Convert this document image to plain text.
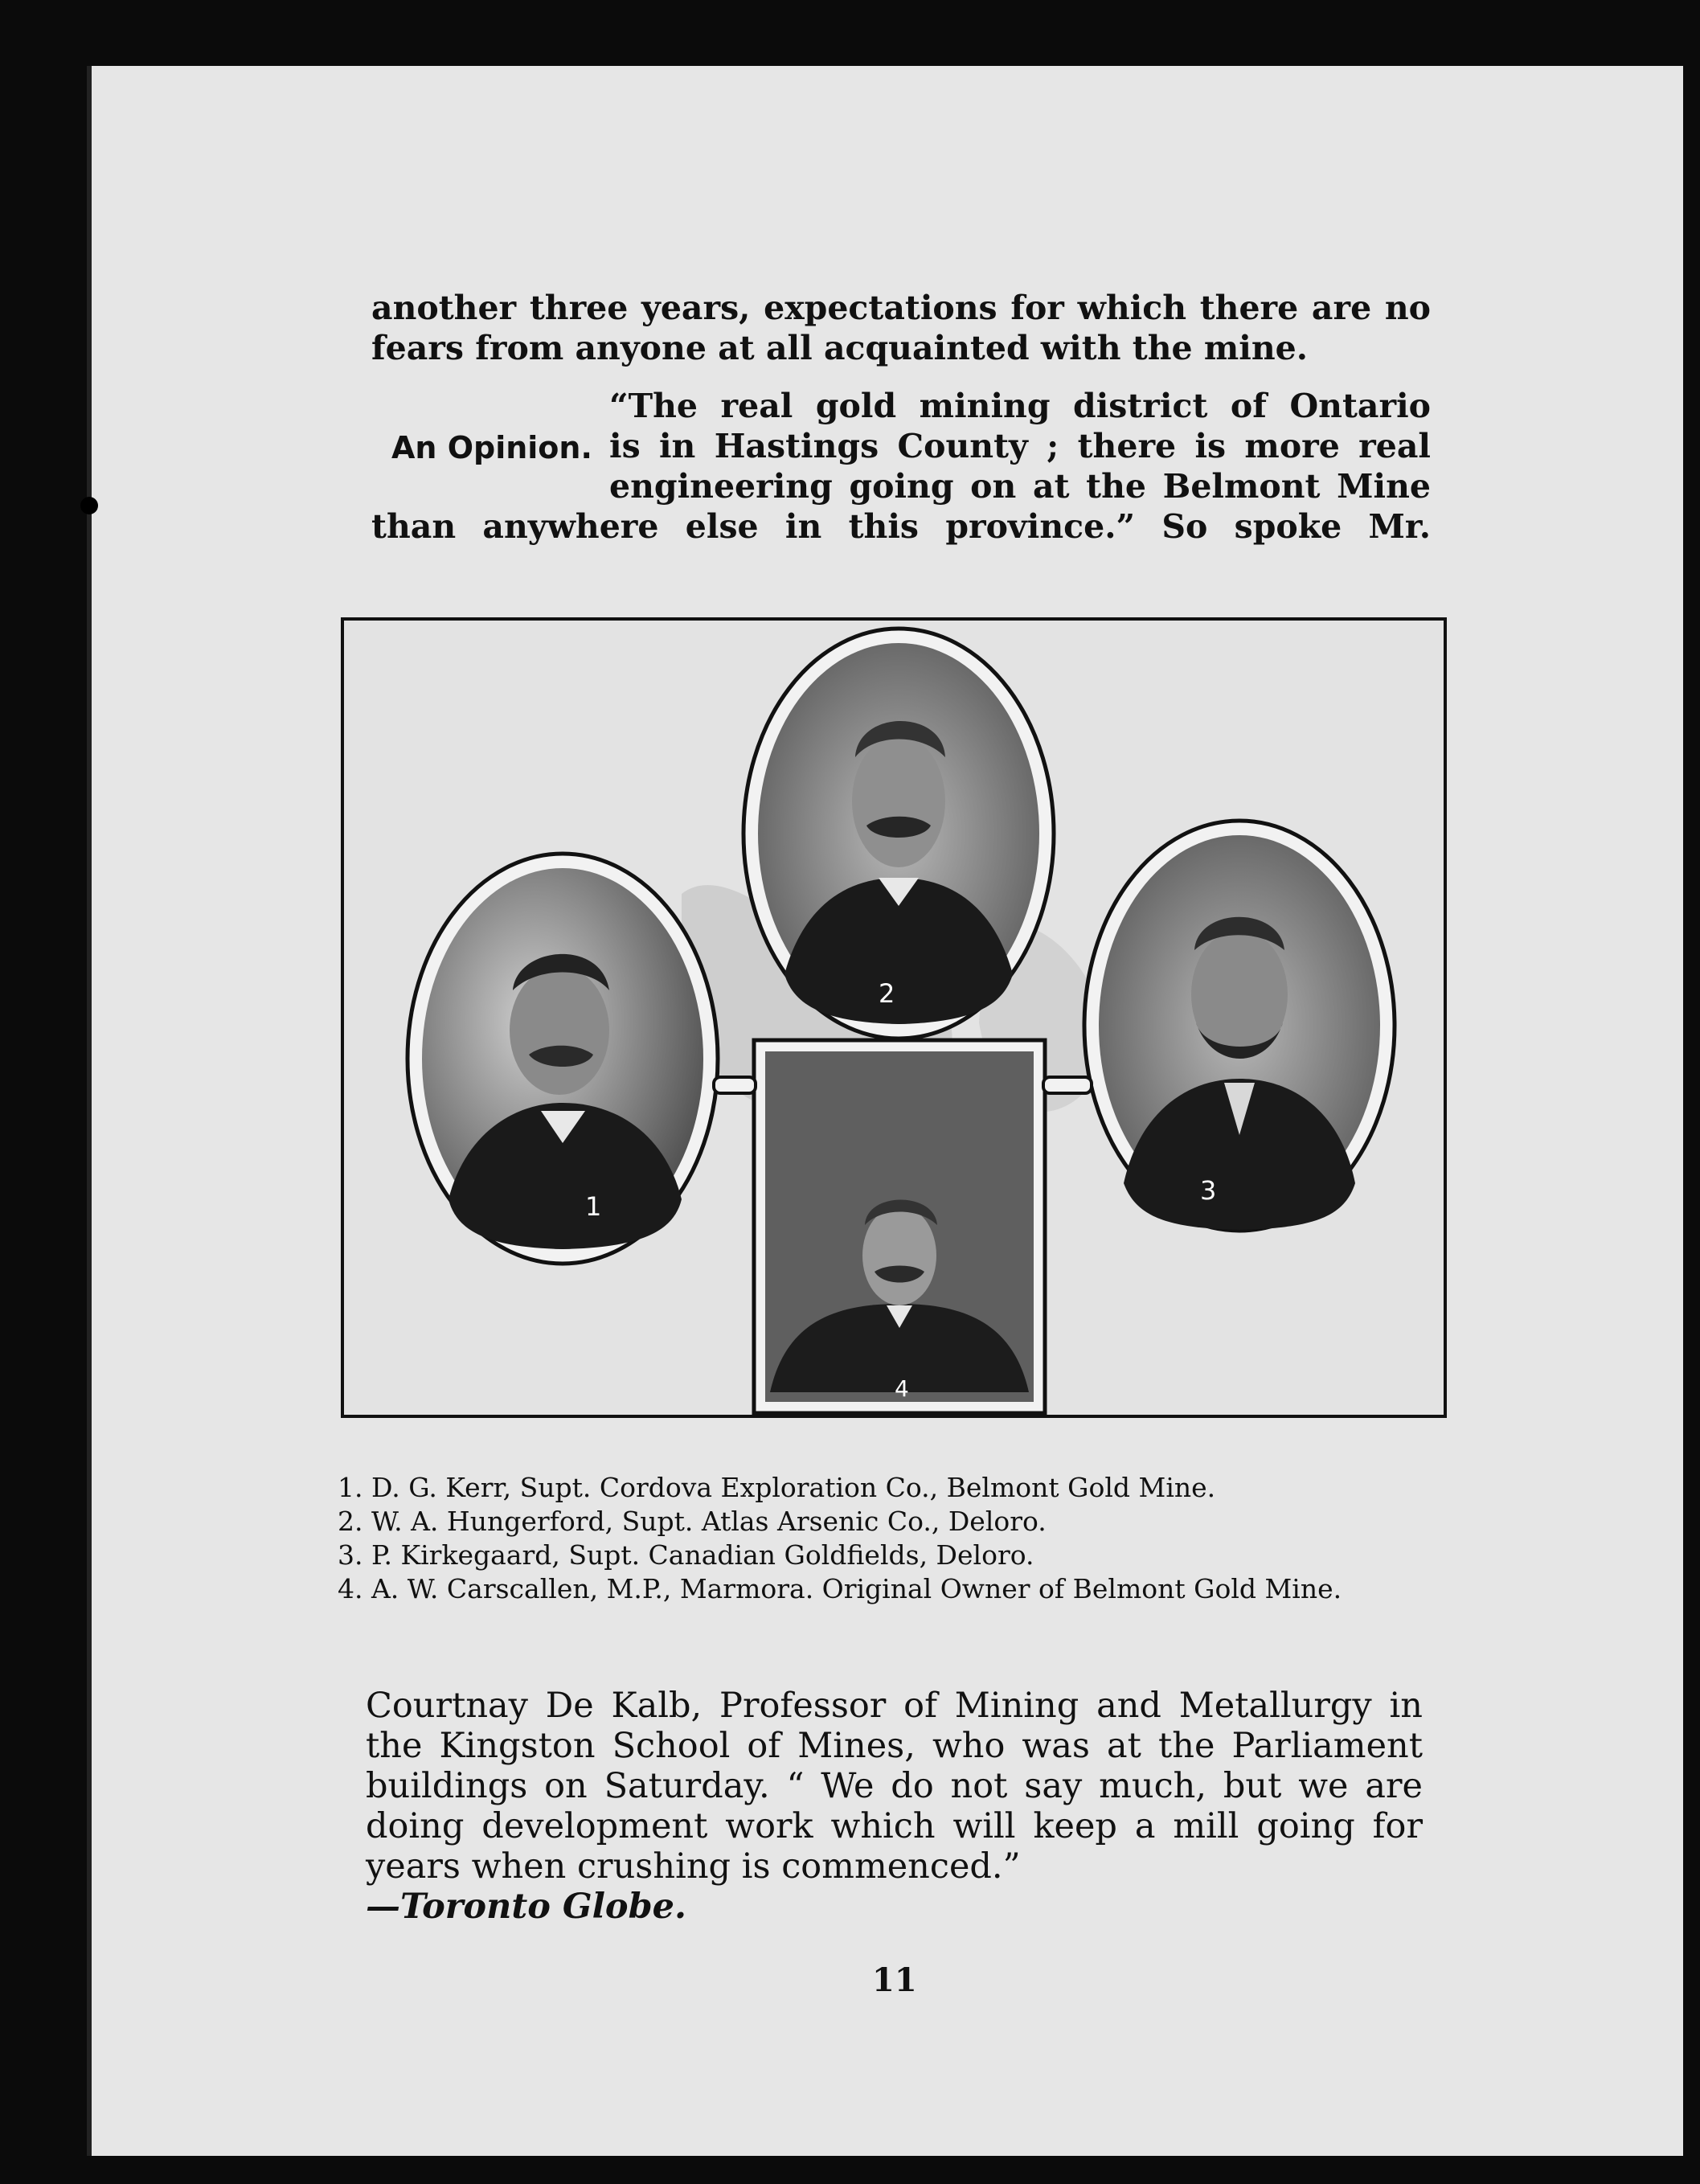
another three years, expectations for which there are no fears from anyone at all acquainted with the mine.
An Opinion.
“The real gold mining district of Ontario
is in Hastings County ; there is more real
engineering going on at the Belmont Mine
than anywhere else in this province.” So spoke Mr.
1
2
3
4
1. D. G. Kerr, Supt. Cordova Exploration Co., Belmont Gold Mine.
2. W. A. Hungerford, Supt. Atlas Arsenic Co., Deloro.
3. P. Kirkegaard, Supt. Canadian Goldfields, Deloro.
4. A. W. Carscallen, M.P., Marmora. Original Owner of Belmont Gold Mine.
Courtnay De Kalb, Professor of Mining and Metallurgy in the Kingston School of Mines, who was at the Parliament buildings on Saturday. “ We do not say much, but we are doing development work which will keep a mill going for years when crushing is commenced.”
—Toronto Globe.
11
